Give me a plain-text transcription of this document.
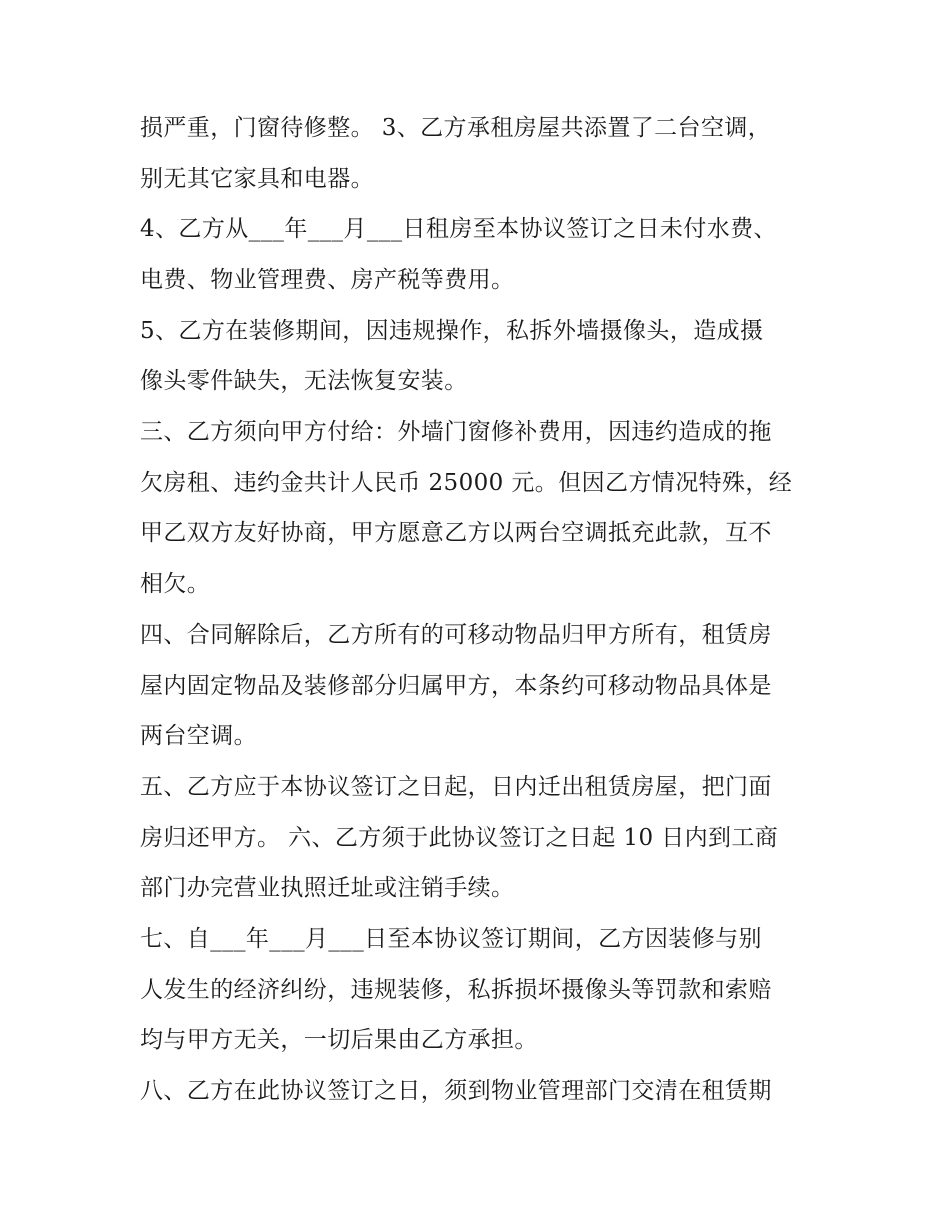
损严重，门窗待修整。 3、乙方承租房屋共添置了二台空调，
别无其它家具和电器。
4、乙方从___年___月___日租房至本协议签订之日未付水费、
电费、物业管理费、房产税等费用。
5、乙方在装修期间，因违规操作，私拆外墙摄像头，造成摄
像头零件缺失，无法恢复安装。
三、乙方须向甲方付给：外墙门窗修补费用，因违约造成的拖
欠房租、违约金共计人民币 25000 元。但因乙方情况特殊，经
甲乙双方友好协商，甲方愿意乙方以两台空调抵充此款，互不
相欠。
四、合同解除后，乙方所有的可移动物品归甲方所有，租赁房
屋内固定物品及装修部分归属甲方，本条约可移动物品具体是
两台空调。
五、乙方应于本协议签订之日起，日内迁出租赁房屋，把门面
房归还甲方。 六、乙方须于此协议签订之日起 10 日内到工商
部门办完营业执照迁址或注销手续。
七、自___年___月___日至本协议签订期间，乙方因装修与别
人发生的经济纠纷，违规装修，私拆损坏摄像头等罚款和索赔
均与甲方无关，一切后果由乙方承担。
八、乙方在此协议签订之日，须到物业管理部门交清在租赁期
